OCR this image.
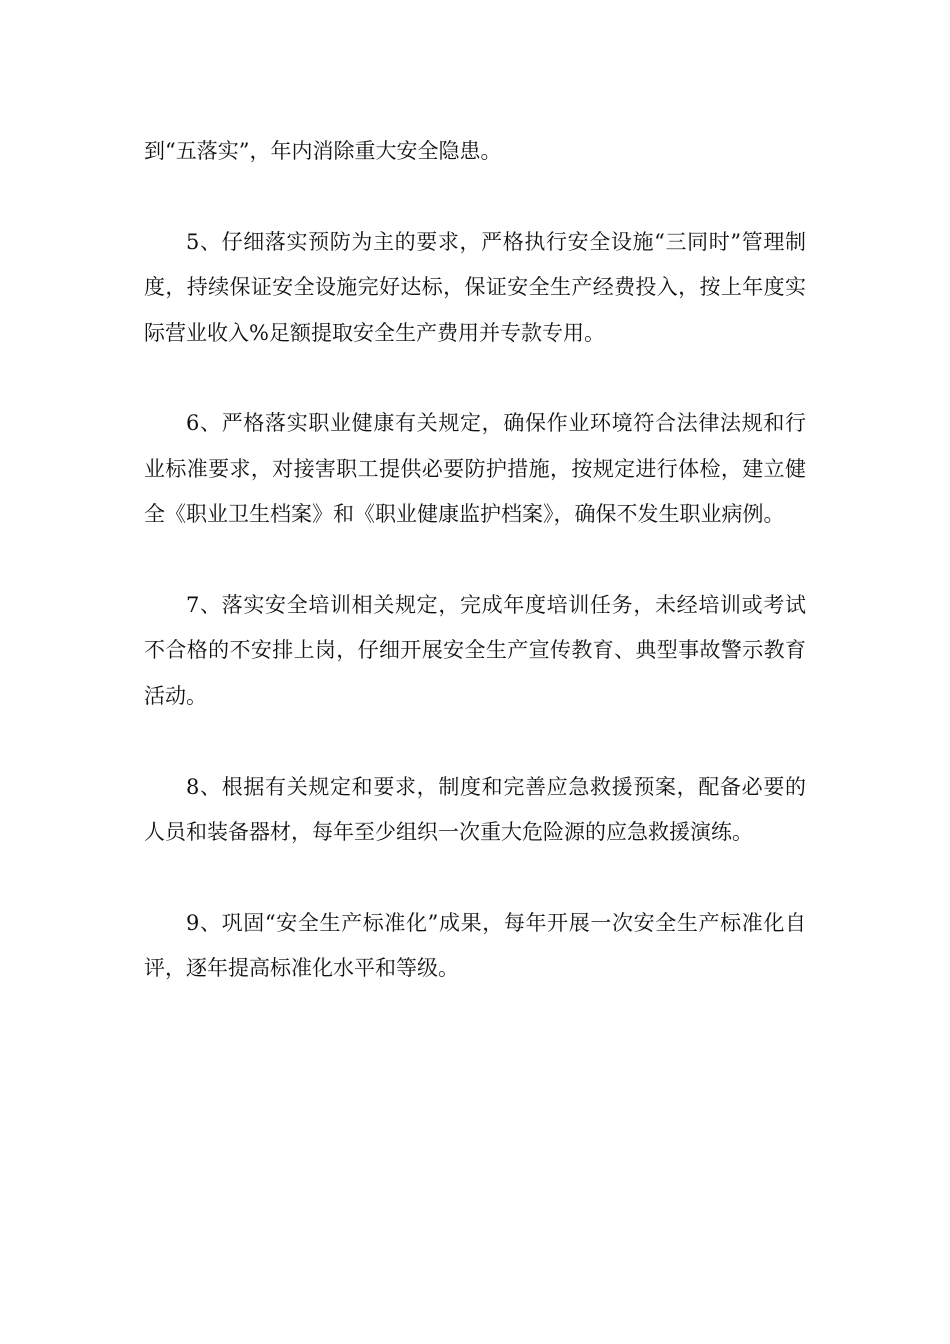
到“五落实”，年内消除重大安全隐患。

5、仔细落实预防为主的要求，严格执行安全设施“三同时”管理制度，持续保证安全设施完好达标，保证安全生产经费投入，按上年度实际营业收入%足额提取安全生产费用并专款专用。

6、严格落实职业健康有关规定，确保作业环境符合法律法规和行业标准要求，对接害职工提供必要防护措施，按规定进行体检，建立健全《职业卫生档案》和《职业健康监护档案》，确保不发生职业病例。

7、落实安全培训相关规定，完成年度培训任务，未经培训或考试不合格的不安排上岗，仔细开展安全生产宣传教育、典型事故警示教育活动。

8、根据有关规定和要求，制度和完善应急救援预案，配备必要的人员和装备器材，每年至少组织一次重大危险源的应急救援演练。

9、巩固“安全生产标准化”成果，每年开展一次安全生产标准化自评，逐年提高标准化水平和等级。
